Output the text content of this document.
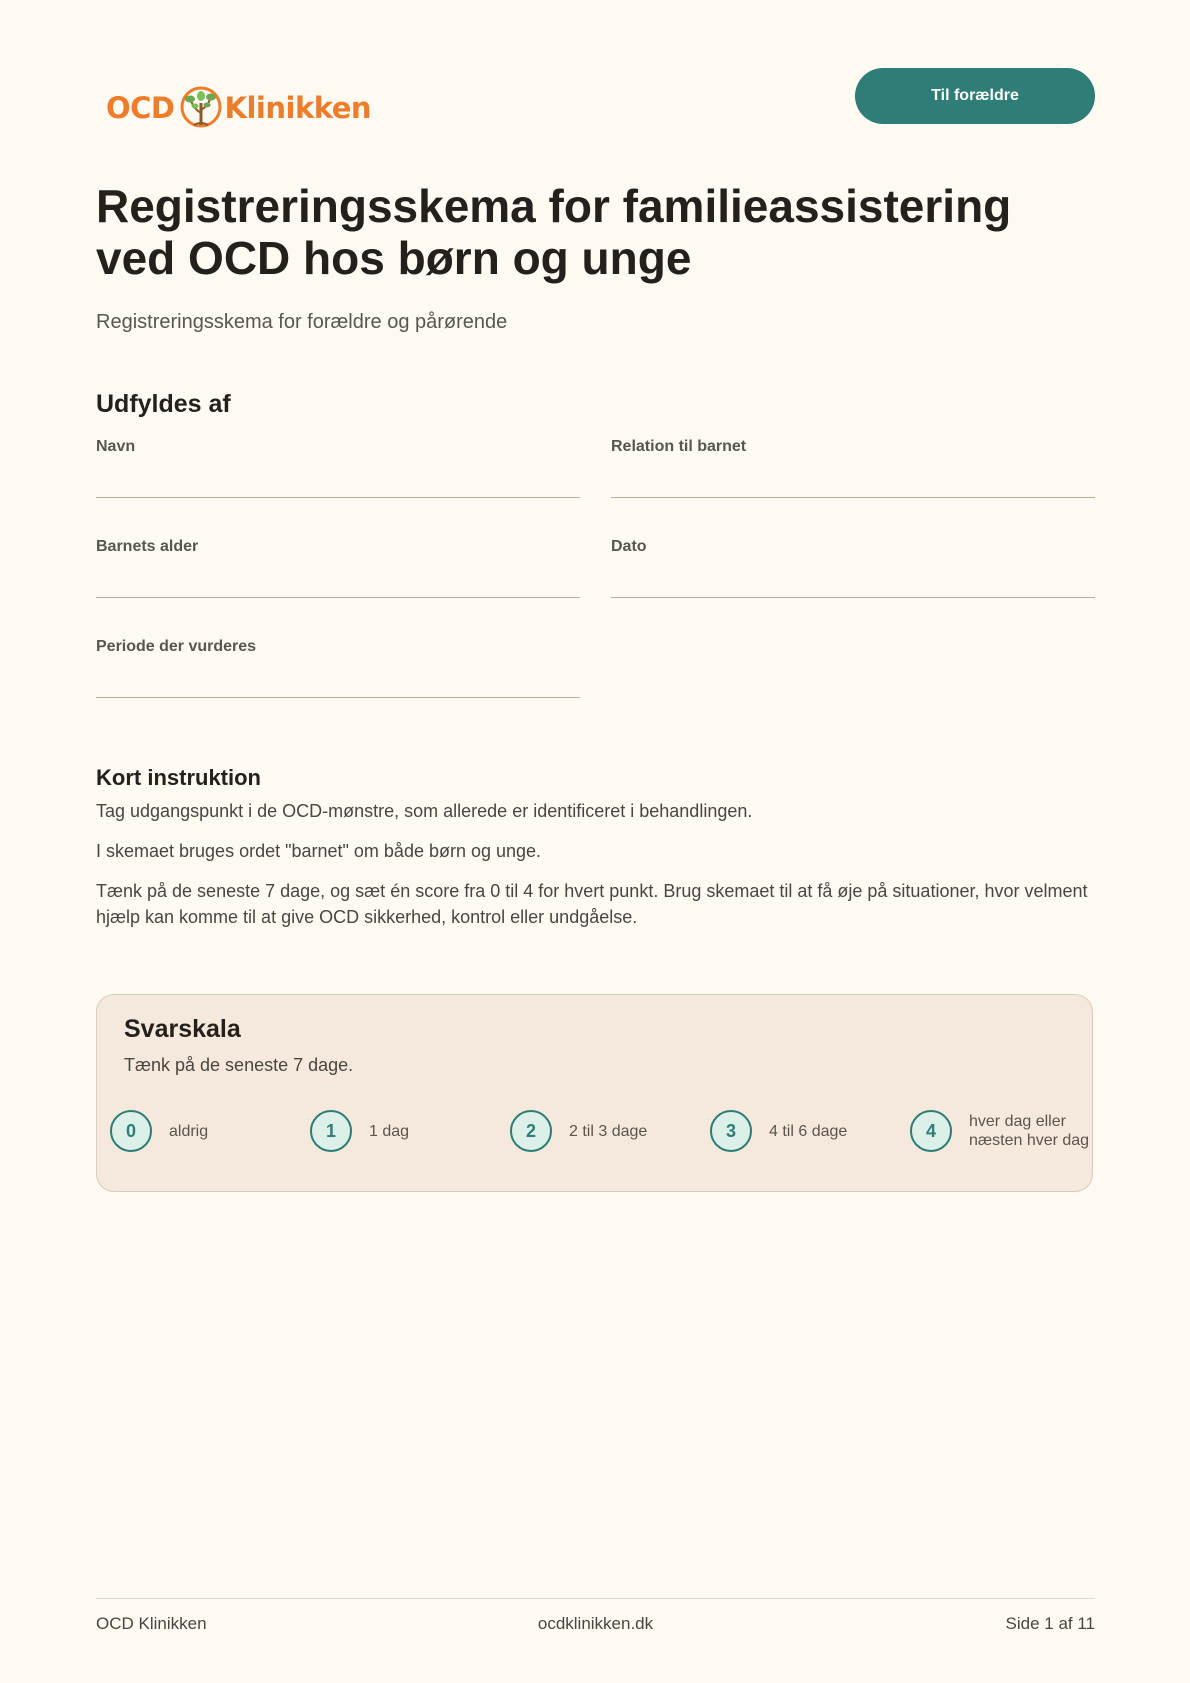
OCD Klinikken	Til forældre
Registreringsskema for familieassistering ved OCD hos børn og unge
Registreringsskema for forældre og pårørende
Udfyldes af
Navn	Relation til barnet
Barnets alder	Dato
Periode der vurderes
Kort instruktion

Tag udgangspunkt i de OCD-mønstre, som allerede er identificeret i behandlingen.

I skemaet bruges ordet "barnet" om både børn og unge.

Tænk på de seneste 7 dage, og sæt én score fra 0 til 4 for hvert punkt. Brug skemaet til at få øje på situationer, hvor velment hjælp kan komme til at give OCD sikkerhed, kontrol eller undgåelse.

Svarskala
Tænk på de seneste 7 dage.
0	aldrig	1	1 dag	2	2 til 3 dage	3	4 til 6 dage	4	hver dag eller næsten hver dag
OCD Klinikken	ocdklinikken.dk	Side 1 af 11
